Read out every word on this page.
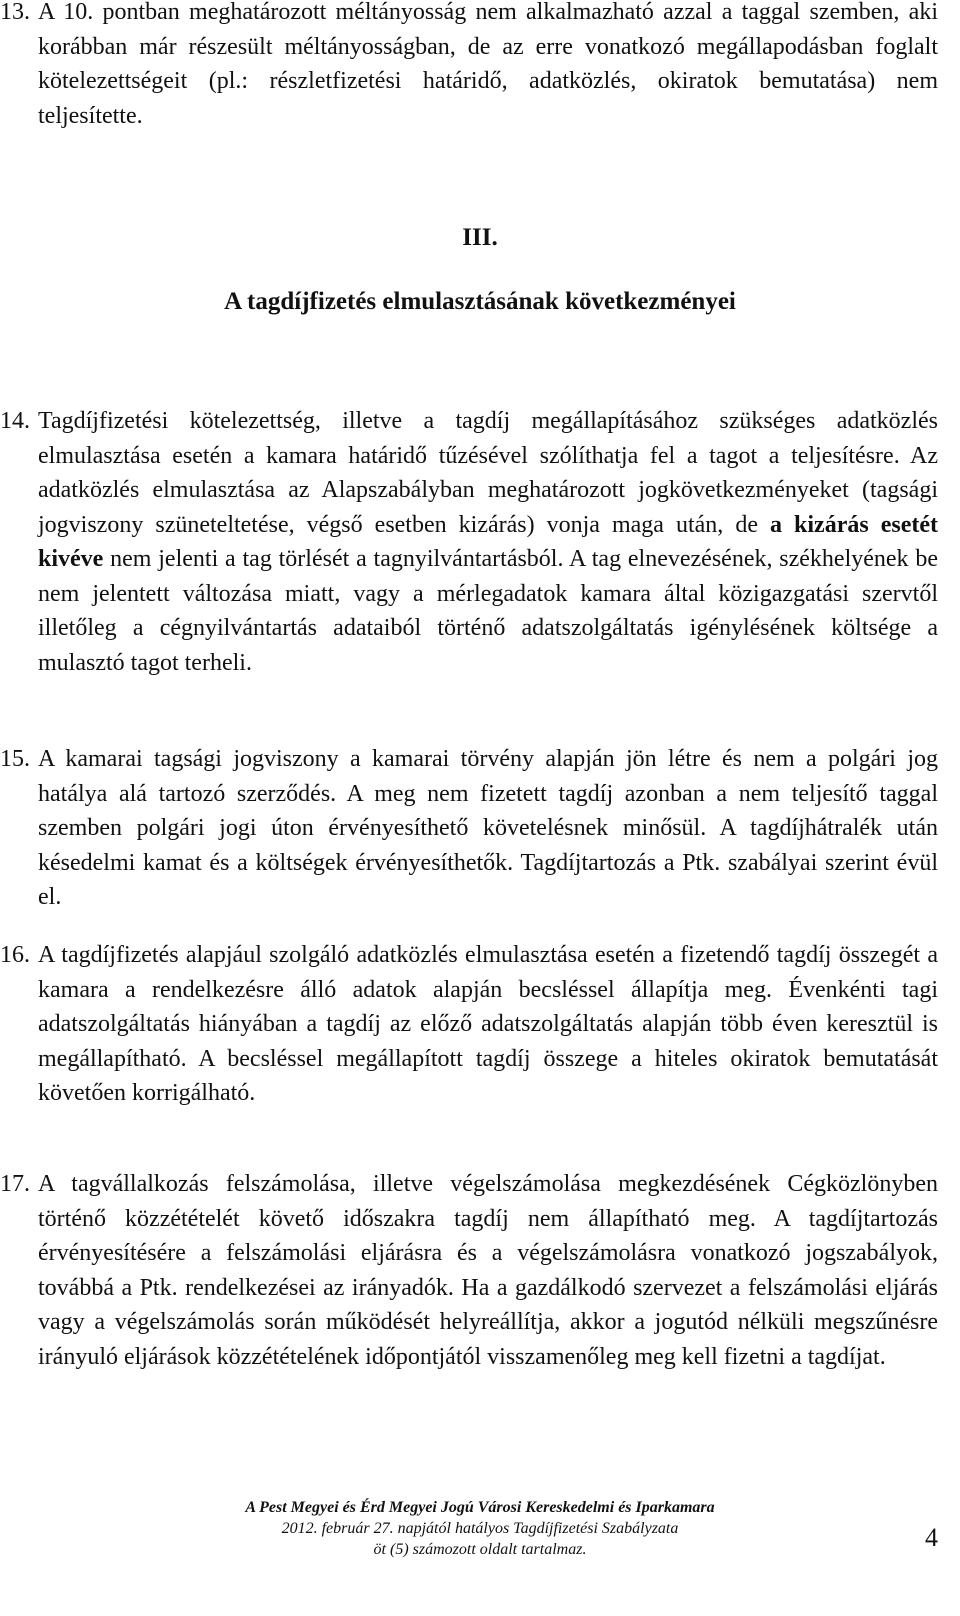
13. A 10. pontban meghatározott méltányosság nem alkalmazható azzal a taggal szemben, aki korábban már részesült méltányosságban, de az erre vonatkozó megállapodásban foglalt kötelezettségeit (pl.: részletfizetési határidő, adatközlés, okiratok bemutatása) nem teljesítette.
III.
A tagdíjfizetés elmulasztásának következményei
14. Tagdíjfizetési kötelezettség, illetve a tagdíj megállapításához szükséges adatközlés elmulasztása esetén a kamara határidő tűzésével szólíthatja fel a tagot a teljesítésre. Az adatközlés elmulasztása az Alapszabályban meghatározott jogkövetkezményeket (tagsági jogviszony szüneteltetése, végső esetben kizárás) vonja maga után, de a kizárás esetét kivéve nem jelenti a tag törlését a tagnyilvántartásból. A tag elnevezésének, székhelyének be nem jelentett változása miatt, vagy a mérlegadatok kamara által közigazgatási szervtől illetőleg a cégnyilvántartás adataiból történő adatszolgáltatás igénylésének költsége a mulasztó tagot terheli.
15. A kamarai tagsági jogviszony a kamarai törvény alapján jön létre és nem a polgári jog hatálya alá tartozó szerződés. A meg nem fizetett tagdíj azonban a nem teljesítő taggal szemben polgári jogi úton érvényesíthető követelésnek minősül. A tagdíjhátralék után késedelmi kamat és a költségek érvényesíthetők. Tagdíjtartozás a Ptk. szabályai szerint évül el.
16. A tagdíjfizetés alapjául szolgáló adatközlés elmulasztása esetén a fizetendő tagdíj összegét a kamara a rendelkezésre álló adatok alapján becsléssel állapítja meg. Évenkénti tagi adatszolgáltatás hiányában a tagdíj az előző adatszolgáltatás alapján több éven keresztül is megállapítható. A becsléssel megállapított tagdíj összege a hiteles okiratok bemutatását követően korrigálható.
17. A tagvállalkozás felszámolása, illetve végelszámolása megkezdésének Cégközlönyben történő közzétételét követő időszakra tagdíj nem állapítható meg. A tagdíjtartozás érvényesítésére a felszámolási eljárásra és a végelszámolásra vonatkozó jogszabályok, továbbá a Ptk. rendelkezései az irányadók. Ha a gazdálkodó szervezet a felszámolási eljárás vagy a végelszámolás során működését helyreállítja, akkor a jogutód nélküli megszűnésre irányuló eljárások közzétételének időpontjától visszamenőleg meg kell fizetni a tagdíjat.
A Pest Megyei és Érd Megyei Jogú Városi Kereskedelmi és Iparkamara
2012. február 27. napjától hatályos Tagdíjfizetési Szabályzata
öt (5) számozott oldalt tartalmaz.	4
